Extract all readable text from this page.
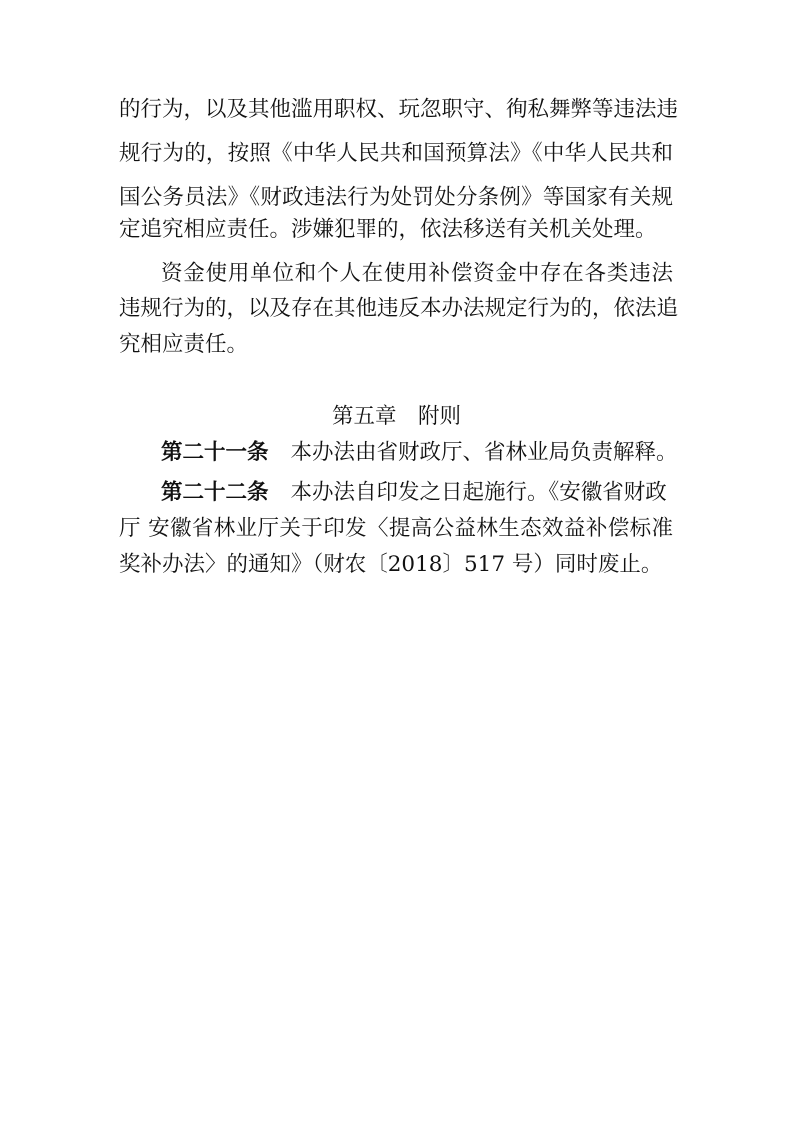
的行为，以及其他滥用职权、玩忽职守、徇私舞弊等违法违
规行为的，按照《中华人民共和国预算法》《中华人民共和
国公务员法》《财政违法行为处罚处分条例》等国家有关规
定追究相应责任。涉嫌犯罪的，依法移送有关机关处理。
资金使用单位和个人在使用补偿资金中存在各类违法
违规行为的，以及存在其他违反本办法规定行为的，依法追
究相应责任。
第五章　附则
第二十一条 本办法由省财政厅、省林业局负责解释。
第二十二条 本办法自印发之日起施行。《安徽省财政
厅 安徽省林业厅关于印发〈提高公益林生态效益补偿标准
奖补办法〉的通知》（财农〔2018〕517 号）同时废止。
